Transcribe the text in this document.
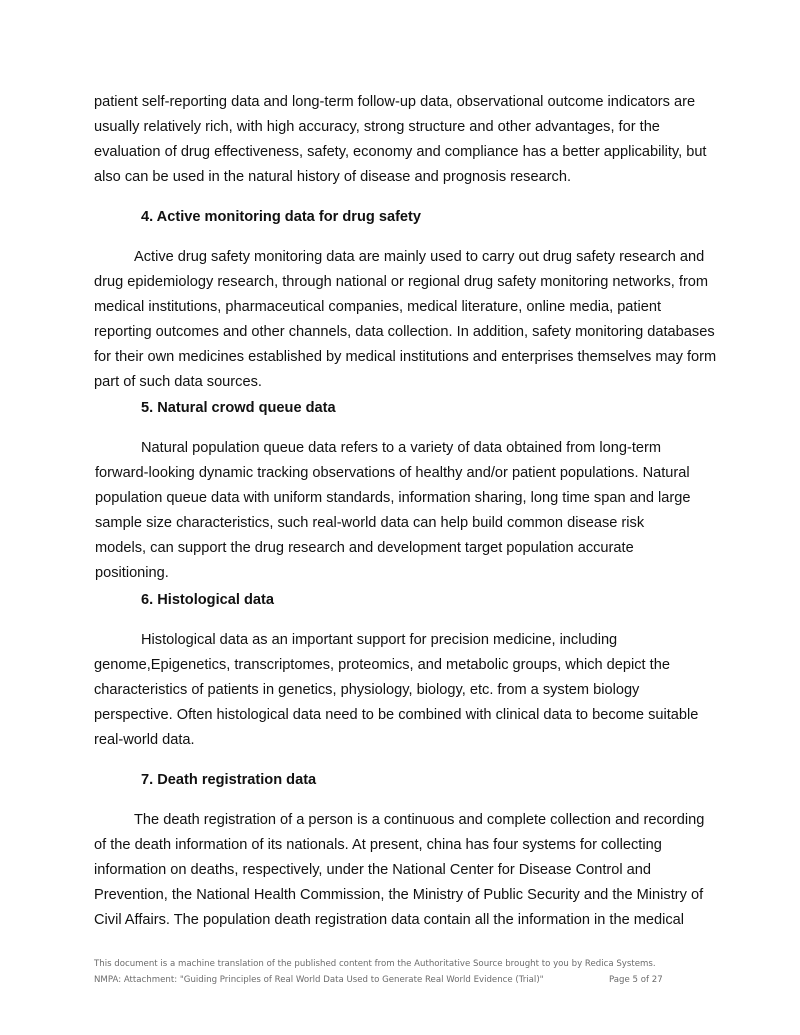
patient self-reporting data and long-term follow-up data, observational outcome indicators are
usually relatively rich, with high accuracy, strong structure and other advantages, for the
evaluation of drug effectiveness, safety, economy and compliance has a better applicability, but
also can be used in the natural history of disease and prognosis research.
4. Active monitoring data for drug safety
Active drug safety monitoring data are mainly used to carry out drug safety research and
drug epidemiology research, through national or regional drug safety monitoring networks, from
medical institutions, pharmaceutical companies, medical literature, online media, patient
reporting outcomes and other channels, data collection. In addition, safety monitoring databases
for their own medicines established by medical institutions and enterprises themselves may form
part of such data sources.
5. Natural crowd queue data
Natural population queue data refers to a variety of data obtained from long-term
forward-looking dynamic tracking observations of healthy and/or patient populations. Natural
population queue data with uniform standards, information sharing, long time span and large
sample size characteristics, such real-world data can help build common disease risk
models, can support the drug research and development target population accurate
positioning.
6. Histological data
Histological data as an important support for precision medicine, including
genome,Epigenetics, transcriptomes, proteomics, and metabolic groups, which depict the
characteristics of patients in genetics, physiology, biology, etc. from a system biology
perspective. Often histological data need to be combined with clinical data to become suitable
real-world data.
7. Death registration data
The death registration of a person is a continuous and complete collection and recording
of the death information of its nationals. At present, china has four systems for collecting
information on deaths, respectively, under the National Center for Disease Control and
Prevention, the National Health Commission, the Ministry of Public Security and the Ministry of
Civil Affairs. The population death registration data contain all the information in the medical
This document is a machine translation of the published content from the Authoritative Source brought to you by Redica Systems.
NMPA: Attachment: "Guiding Principles of Real World Data Used to Generate Real World Evidence (Trial)"	Page 5 of 27
